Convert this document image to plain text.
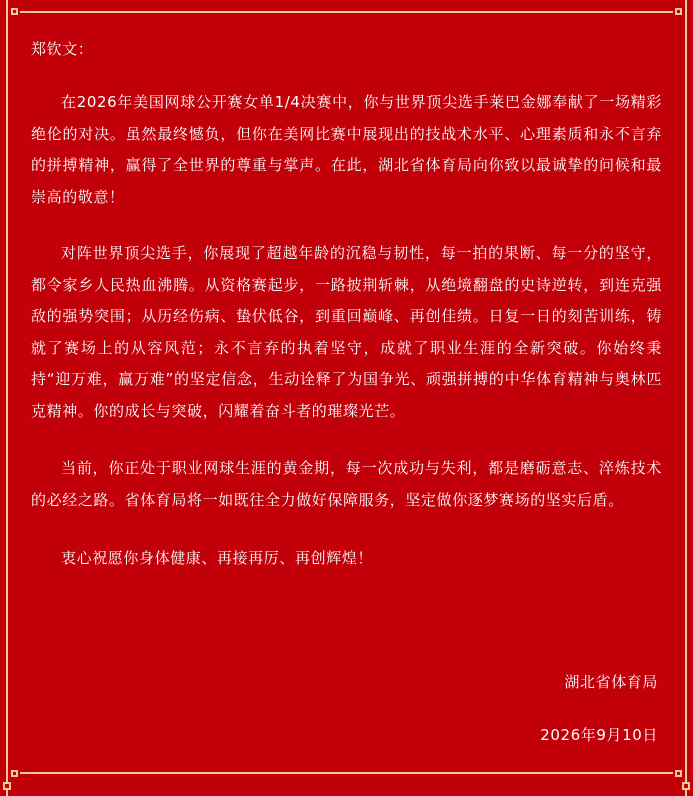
郑钦文：

在2026年美国网球公开赛女单1/4决赛中，你与世界顶尖选手莱巴金娜奉献了一场精彩绝伦的对决。虽然最终憾负，但你在美网比赛中展现出的技战术水平、心理素质和永不言弃的拼搏精神，赢得了全世界的尊重与掌声。在此，湖北省体育局向你致以最诚挚的问候和最崇高的敬意！

对阵世界顶尖选手，你展现了超越年龄的沉稳与韧性，每一拍的果断、每一分的坚守，都令家乡人民热血沸腾。从资格赛起步，一路披荆斩棘，从绝境翻盘的史诗逆转，到连克强敌的强势突围；从历经伤病、蛰伏低谷，到重回巅峰、再创佳绩。日复一日的刻苦训练，铸就了赛场上的从容风范；永不言弃的执着坚守，成就了职业生涯的全新突破。你始终秉持“迎万难，赢万难”的坚定信念，生动诠释了为国争光、顽强拼搏的中华体育精神与奥林匹克精神。你的成长与突破，闪耀着奋斗者的璀璨光芒。

当前，你正处于职业网球生涯的黄金期，每一次成功与失利，都是磨砺意志、淬炼技术的必经之路。省体育局将一如既往全力做好保障服务，坚定做你逐梦赛场的坚实后盾。

衷心祝愿你身体健康、再接再厉、再创辉煌！

湖北省体育局
2026年9月10日
